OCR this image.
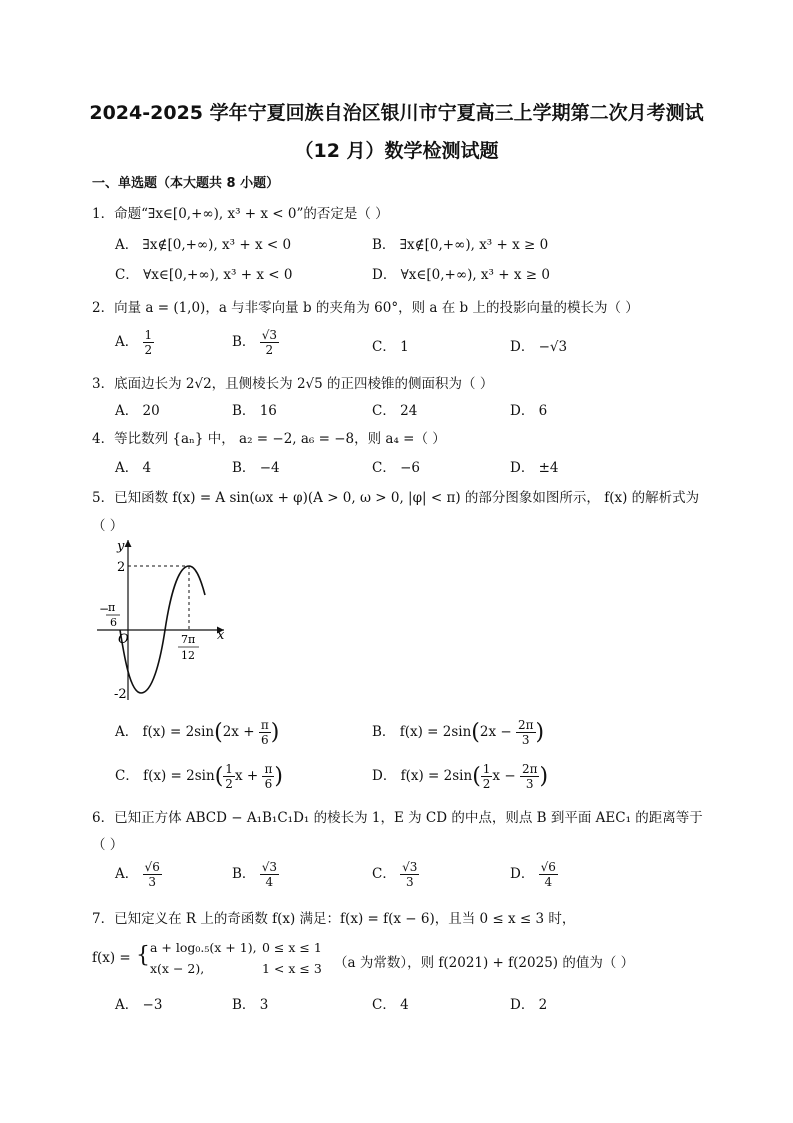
2024-2025 学年宁夏回族自治区银川市宁夏高三上学期第二次月考测试
（12 月）数学检测试题
一、单选题（本大题共 8 小题）
1．命题“∃x∈[0,+∞), x³ + x < 0”的否定是（ ）
A． ∃x∉[0,+∞), x³ + x < 0	B． ∃x∉[0,+∞), x³ + x ≥ 0
C． ∀x∈[0,+∞), x³ + x < 0	D． ∀x∈[0,+∞), x³ + x ≥ 0
2．向量 a = (1,0)，a 与非零向量 b 的夹角为 60°，则 a 在 b 上的投影向量的模长为（ ）
A． $\frac{1}{2}$	B． $\frac{√3}{2}$	C． 1	D． −√3
3．底面边长为 2√2，且侧棱长为 2√5 的正四棱锥的侧面积为（ ）
A． 20	B． 16	C． 24	D． 6
4．等比数列 {aₙ} 中， a₂ = −2, a₆ = −8，则 a₄ =（ ）
A． 4	B． −4	C． −6	D． ±4
5．已知函数 f(x) = A sin(ωx + φ)(A > 0, ω > 0, |φ| < π) 的部分图象如图所示， f(x) 的解析式为
（ ）
y
x
O
2
-2
−
π
6
7π
12
A． $f(x) = 2\sin(2x + \frac{\pi}{6}$ )	B． $f(x) = 2\sin(2x - \frac{2\pi}{3}$ )
C． $f(x) = 2\sin( \frac{1}{2}$ $x + \frac{\pi}{6}$ )	D． $f(x) = 2\sin( \frac{1}{2}$ $x - \frac{2\pi}{3}$ )
6．已知正方体 ABCD − A₁B₁C₁D₁ 的棱长为 1，E 为 CD 的中点，则点 B 到平面 AEC₁ 的距离等于
（ ）
A． $\frac{√6}{3}$	B． $\frac{√3}{4}$	C． $\frac{√3}{3}$	D． $\frac{√6}{4}$
7．已知定义在 R 上的奇函数 f(x) 满足：f(x) = f(x − 6)，且当 0 ≤ x ≤ 3 时，
f(x) = { a + log₀.₅(x + 1), 0 ≤ x ≤ 1
x(x − 2),	1 < x ≤ 3 （a 为常数），则 f(2021) + f(2025) 的值为（ ）
A． −3	B． 3	C． 4	D． 2
